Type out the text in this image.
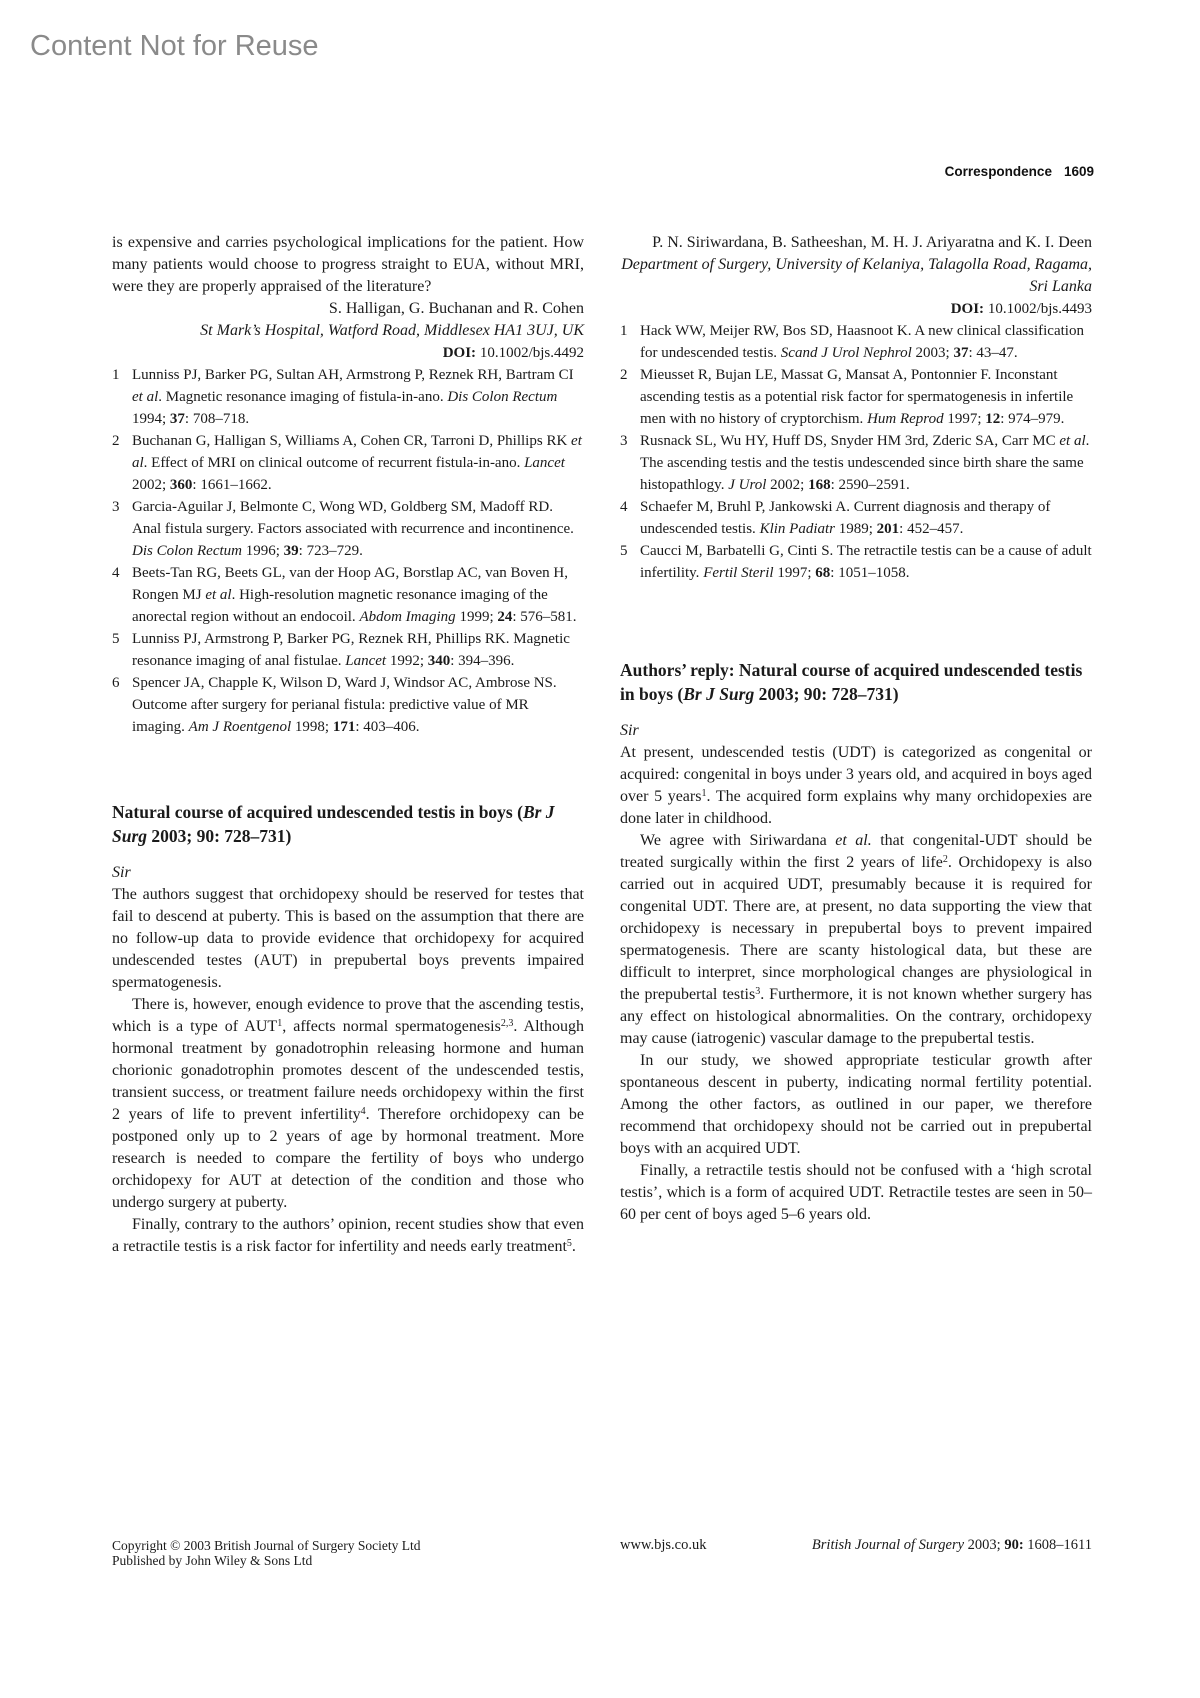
Content Not for Reuse
Correspondence 1609

is expensive and carries psychological implications for the patient. How many patients would choose to progress straight to EUA, without MRI, were they are properly appraised of the literature?

S. Halligan, G. Buchanan and R. Cohen

St Mark’s Hospital, Watford Road, Middlesex HA1 3UJ, UK

DOI: 10.1002/bjs.4492

1 Lunniss PJ, Barker PG, Sultan AH, Armstrong P, Reznek RH, Bartram CI et al. Magnetic resonance imaging of fistula-in-ano. Dis Colon Rectum 1994; 37: 708–718.
2 Buchanan G, Halligan S, Williams A, Cohen CR, Tarroni D, Phillips RK et al. Effect of MRI on clinical outcome of recurrent fistula-in-ano. Lancet 2002; 360: 1661–1662.
3 Garcia-Aguilar J, Belmonte C, Wong WD, Goldberg SM, Madoff RD. Anal fistula surgery. Factors associated with recurrence and incontinence. Dis Colon Rectum 1996; 39: 723–729.
4 Beets-Tan RG, Beets GL, van der Hoop AG, Borstlap AC, van Boven H, Rongen MJ et al. High-resolution magnetic resonance imaging of the anorectal region without an endocoil. Abdom Imaging 1999; 24: 576–581.
5 Lunniss PJ, Armstrong P, Barker PG, Reznek RH, Phillips RK. Magnetic resonance imaging of anal fistulae. Lancet 1992; 340: 394–396.
6 Spencer JA, Chapple K, Wilson D, Ward J, Windsor AC, Ambrose NS. Outcome after surgery for perianal fistula: predictive value of MR imaging. Am J Roentgenol 1998; 171: 403–406.
Natural course of acquired undescended testis in boys (Br J Surg 2003; 90: 728–731)

Sir

The authors suggest that orchidopexy should be reserved for testes that fail to descend at puberty. This is based on the assumption that there are no follow-up data to provide evidence that orchidopexy for acquired undescended testes (AUT) in prepubertal boys prevents impaired spermatogenesis.

There is, however, enough evidence to prove that the ascending testis, which is a type of AUT$^1$, affects normal spermatogenesis$^{2,3}$. Although hormonal treatment by gonadotrophin releasing hormone and human chorionic gonadotrophin promotes descent of the undescended testis, transient success, or treatment failure needs orchidopexy within the first 2 years of life to prevent infertility$^4$. Therefore orchidopexy can be postponed only up to 2 years of age by hormonal treatment. More research is needed to compare the fertility of boys who undergo orchidopexy for AUT at detection of the condition and those who undergo surgery at puberty.

Finally, contrary to the authors’ opinion, recent studies show that even a retractile testis is a risk factor for infertility and needs early treatment$^5$.

P. N. Siriwardana, B. Satheeshan, M. H. J. Ariyaratna and K. I. Deen

Department of Surgery, University of Kelaniya, Talagolla Road, Ragama, Sri Lanka

DOI: 10.1002/bjs.4493

1 Hack WW, Meijer RW, Bos SD, Haasnoot K. A new clinical classification for undescended testis. Scand J Urol Nephrol 2003; 37: 43–47.
2 Mieusset R, Bujan LE, Massat G, Mansat A, Pontonnier F. Inconstant ascending testis as a potential risk factor for spermatogenesis in infertile men with no history of cryptorchism. Hum Reprod 1997; 12: 974–979.
3 Rusnack SL, Wu HY, Huff DS, Snyder HM 3rd, Zderic SA, Carr MC et al. The ascending testis and the testis undescended since birth share the same histopathlogy. J Urol 2002; 168: 2590–2591.
4 Schaefer M, Bruhl P, Jankowski A. Current diagnosis and therapy of undescended testis. Klin Padiatr 1989; 201: 452–457.
5 Caucci M, Barbatelli G, Cinti S. The retractile testis can be a cause of adult infertility. Fertil Steril 1997; 68: 1051–1058.
Authors’ reply: Natural course of acquired undescended testis in boys (Br J Surg 2003; 90: 728–731)

Sir

At present, undescended testis (UDT) is categorized as congenital or acquired: congenital in boys under 3 years old, and acquired in boys aged over 5 years$^1$. The acquired form explains why many orchidopexies are done later in childhood.

We agree with Siriwardana et al. that congenital-UDT should be treated surgically within the first 2 years of life$^2$. Orchidopexy is also carried out in acquired UDT, presumably because it is required for congenital UDT. There are, at present, no data supporting the view that orchidopexy is necessary in prepubertal boys to prevent impaired spermatogenesis. There are scanty histological data, but these are difficult to interpret, since morphological changes are physiological in the prepubertal testis$^3$. Furthermore, it is not known whether surgery has any effect on histological abnormalities. On the contrary, orchidopexy may cause (iatrogenic) vascular damage to the prepubertal testis.

In our study, we showed appropriate testicular growth after spontaneous descent in puberty, indicating normal fertility potential. Among the other factors, as outlined in our paper, we therefore recommend that orchidopexy should not be carried out in prepubertal boys with an acquired UDT.

Finally, a retractile testis should not be confused with a ‘high scrotal testis’, which is a form of acquired UDT. Retractile testes are seen in 50–60 per cent of boys aged 5–6 years old.

Copyright © 2003 British Journal of Surgery Society Ltd
Published by John Wiley & Sons Ltd
www.bjs.co.uk	British Journal of Surgery 2003; 90: 1608–1611
